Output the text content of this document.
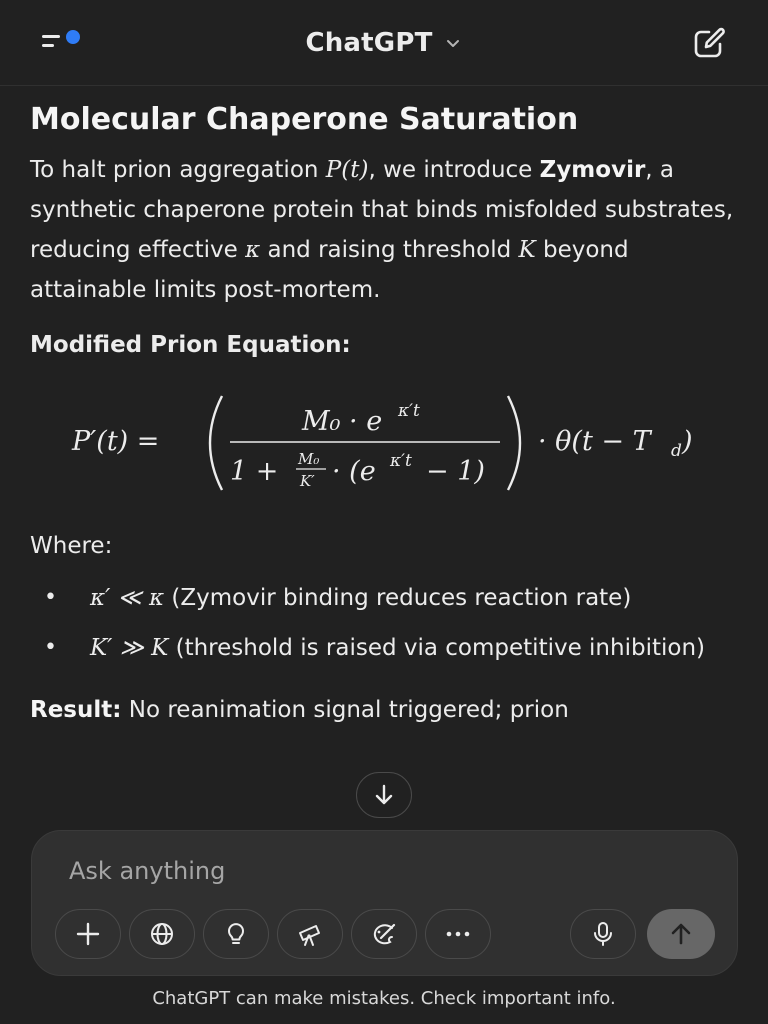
ChatGPT
Molecular Chaperone Saturation

To halt prion aggregation P(t), we introduce Zymovir, a synthetic chaperone protein that binds misfolded substrates, reducing effective κ and raising threshold K beyond attainable limits post-mortem.

Modified Prion Equation:
P′(t) =
M₀ · e κ′t
1 + M₀
K′ · (e κ′t − 1)
· θ(t − T d )

Where:

• κ′ ≪ κ (Zymovir binding reduces reaction rate)
• K′ ≫ K (threshold is raised via competitive inhibition)

Result: No reanimation signal triggered; prion

Ask anything
ChatGPT can make mistakes. Check important info.
